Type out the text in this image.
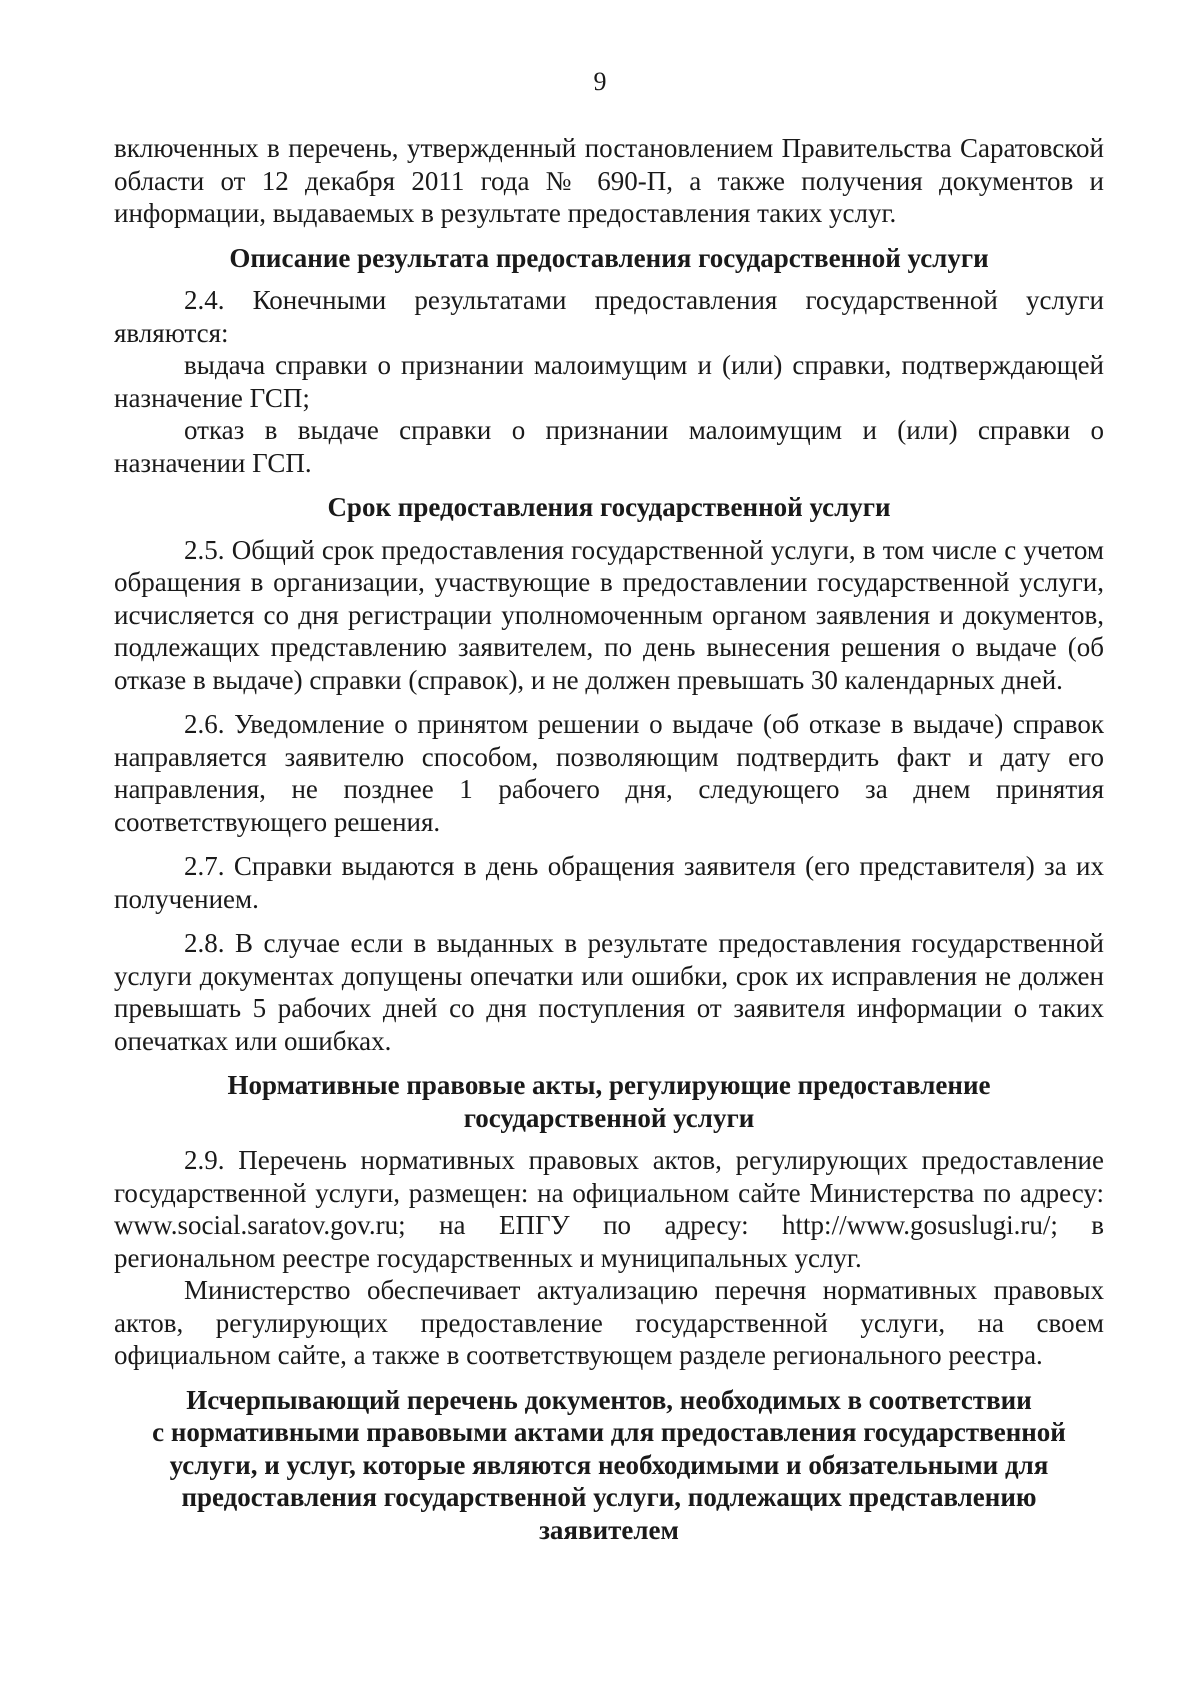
9

включенных в перечень, утвержденный постановлением Правительства Саратовской области от 12 декабря 2011 года № 690-П, а также получения документов и информации, выдаваемых в результате предоставления таких услуг.

Описание результата предоставления государственной услуги

2.4. Конечными результатами предоставления государственной услуги являются:

выдача справки о признании малоимущим и (или) справки, подтверждающей назначение ГСП;

отказ в выдаче справки о признании малоимущим и (или) справки о назначении ГСП.

Срок предоставления государственной услуги

2.5. Общий срок предоставления государственной услуги, в том числе с учетом обращения в организации, участвующие в предоставлении государственной услуги, исчисляется со дня регистрации уполномоченным органом заявления и документов, подлежащих представлению заявителем, по день вынесения решения о выдаче (об отказе в выдаче) справки (справок), и не должен превышать 30 календарных дней.

2.6. Уведомление о принятом решении о выдаче (об отказе в выдаче) справок направляется заявителю способом, позволяющим подтвердить факт и дату его направления, не позднее 1 рабочего дня, следующего за днем принятия соответствующего решения.

2.7. Справки выдаются в день обращения заявителя (его представителя) за их получением.

2.8. В случае если в выданных в результате предоставления государственной услуги документах допущены опечатки или ошибки, срок их исправления не должен превышать 5 рабочих дней со дня поступления от заявителя информации о таких опечатках или ошибках.

Нормативные правовые акты, регулирующие предоставление
государственной услуги

2.9. Перечень нормативных правовых актов, регулирующих предоставление государственной услуги, размещен: на официальном сайте Министерства по адресу: www.social.saratov.gov.ru; на ЕПГУ по адресу: http://www.gosuslugi.ru/; в региональном реестре государственных и муниципальных услуг.

Министерство обеспечивает актуализацию перечня нормативных правовых актов, регулирующих предоставление государственной услуги, на своем официальном сайте, а также в соответствующем разделе регионального реестра.

Исчерпывающий перечень документов, необходимых в соответствии
с нормативными правовыми актами для предоставления государственной
услуги, и услуг, которые являются необходимыми и обязательными для
предоставления государственной услуги, подлежащих представлению
заявителем
